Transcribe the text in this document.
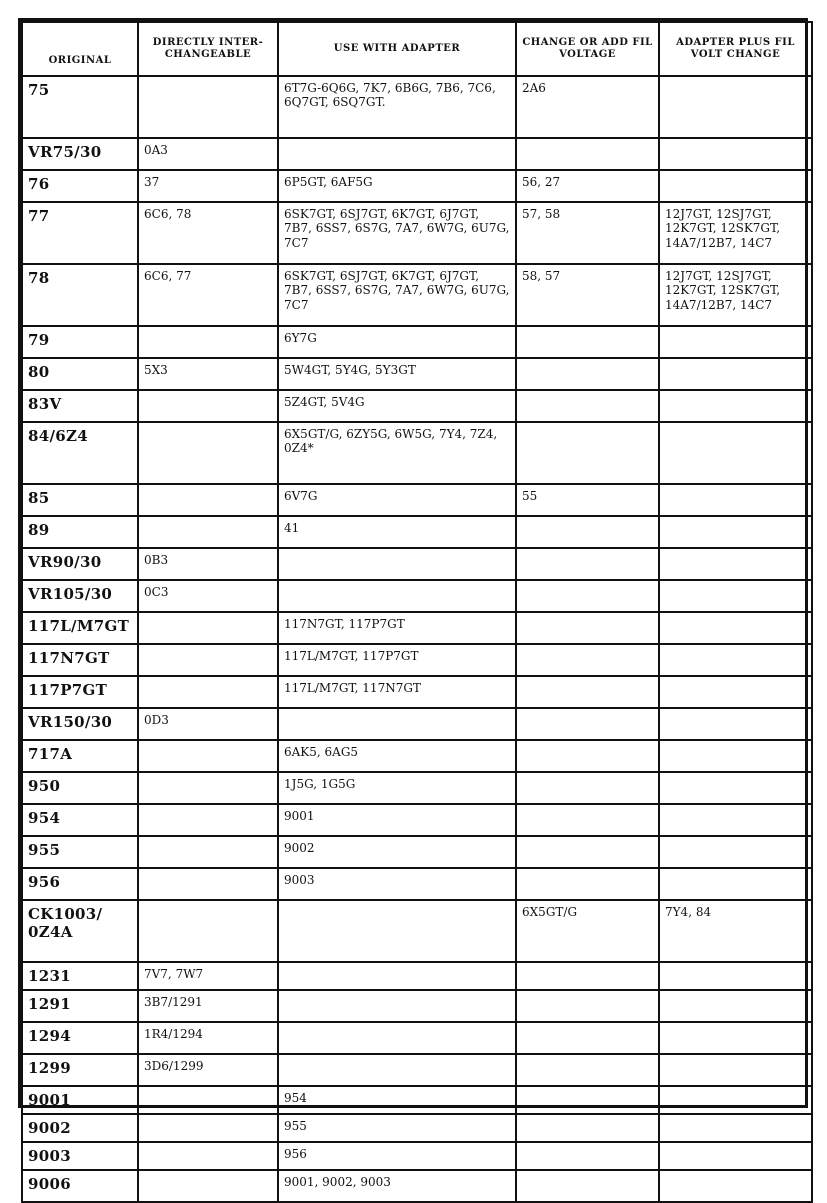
ORIGINAL	DIRECTLY INTER-CHANGEABLE	USE WITH ADAPTER	CHANGE OR ADD FIL VOLTAGE	ADAPTER PLUS FIL VOLT CHANGE
75		6T7G-6Q6G, 7K7, 6B6G, 7B6, 7C6, 6Q7GT, 6SQ7GT.	2A6	
VR75/30	0A3			
76	37	6P5GT, 6AF5G	56, 27	
77	6C6, 78	6SK7GT, 6SJ7GT, 6K7GT, 6J7GT, 7B7, 6SS7, 6S7G, 7A7, 6W7G, 6U7G, 7C7	57, 58	12J7GT, 12SJ7GT, 12K7GT, 12SK7GT, 14A7/12B7, 14C7
78	6C6, 77	6SK7GT, 6SJ7GT, 6K7GT, 6J7GT, 7B7, 6SS7, 6S7G, 7A7, 6W7G, 6U7G, 7C7	58, 57	12J7GT, 12SJ7GT, 12K7GT, 12SK7GT, 14A7/12B7, 14C7
79		6Y7G		
80	5X3	5W4GT, 5Y4G, 5Y3GT		
83V		5Z4GT, 5V4G		
84/6Z4		6X5GT/G, 6ZY5G, 6W5G, 7Y4, 7Z4, 0Z4*		
85		6V7G	55	
89		41		
VR90/30	0B3			
VR105/30	0C3			
117L/M7GT		117N7GT, 117P7GT		
117N7GT		117L/M7GT, 117P7GT		
117P7GT		117L/M7GT, 117N7GT		
VR150/30	0D3			
717A		6AK5, 6AG5		
950		1J5G, 1G5G		
954		9001		
955		9002		
956		9003		
CK1003/ 0Z4A			6X5GT/G	7Y4, 84
1231	7V7, 7W7			
1291	3B7/1291			
1294	1R4/1294			
1299	3D6/1299			
9001		954		
9002		955		
9003		956		
9006		9001, 9002, 9003		
